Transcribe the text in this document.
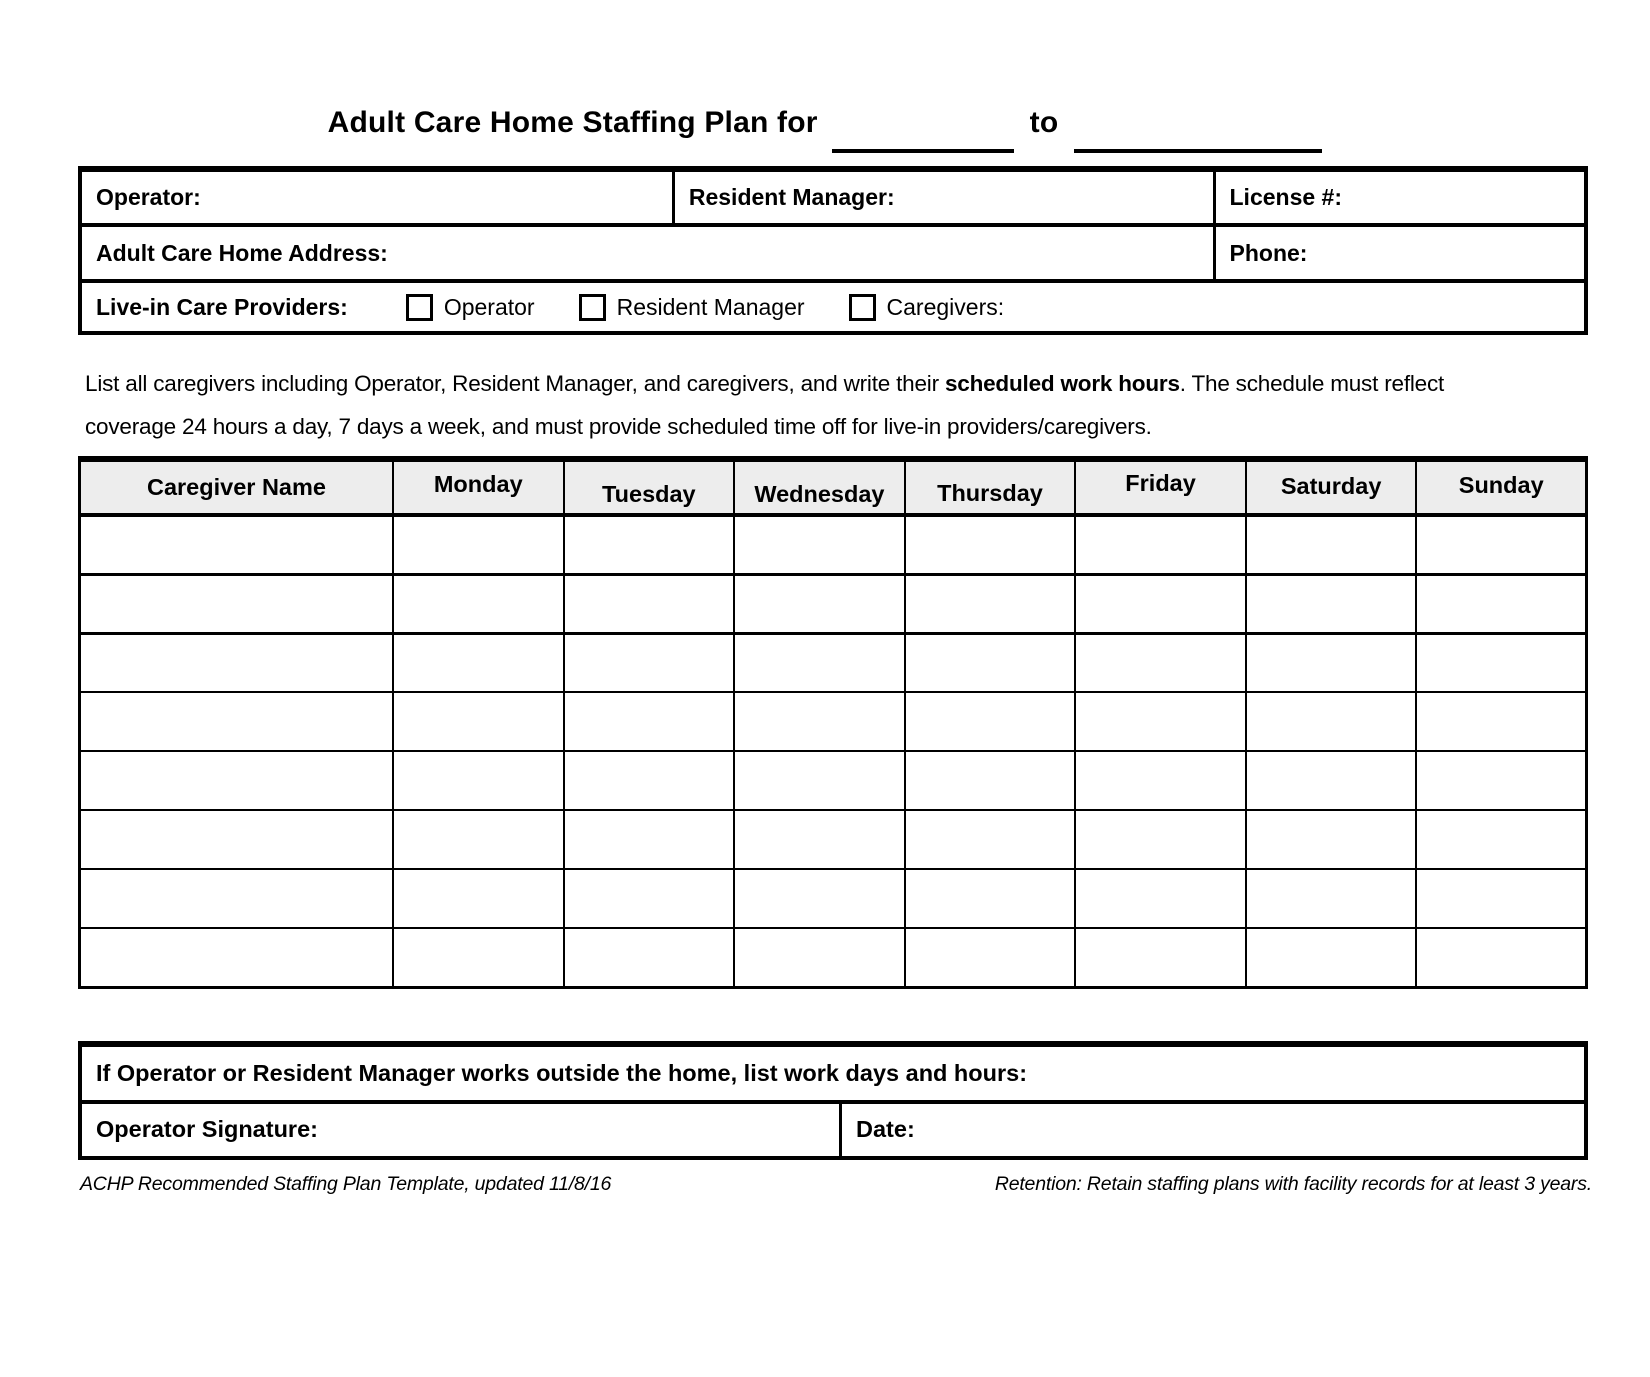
Adult Care Home Staffing Plan for	to
Operator:	Resident Manager:	License #:
Adult Care Home Address:		Phone:

Live-in Care Providers: Operator Resident Manager Caregivers:		

List all caregivers including Operator, Resident Manager, and caregivers, and write their scheduled work hours. The schedule must reflect coverage 24 hours a day, 7 days a week, and must provide scheduled time off for live-in providers/caregivers.

Caregiver Name	Monday	Tuesday	Wednesday	Thursday	Friday	Saturday	Sunday

If Operator or Resident Manager works outside the home, list work days and hours:
Operator Signature:	Date:
ACHP Recommended Staffing Plan Template, updated 11/8/16	Retention: Retain staffing plans with facility records for at least 3 years.
